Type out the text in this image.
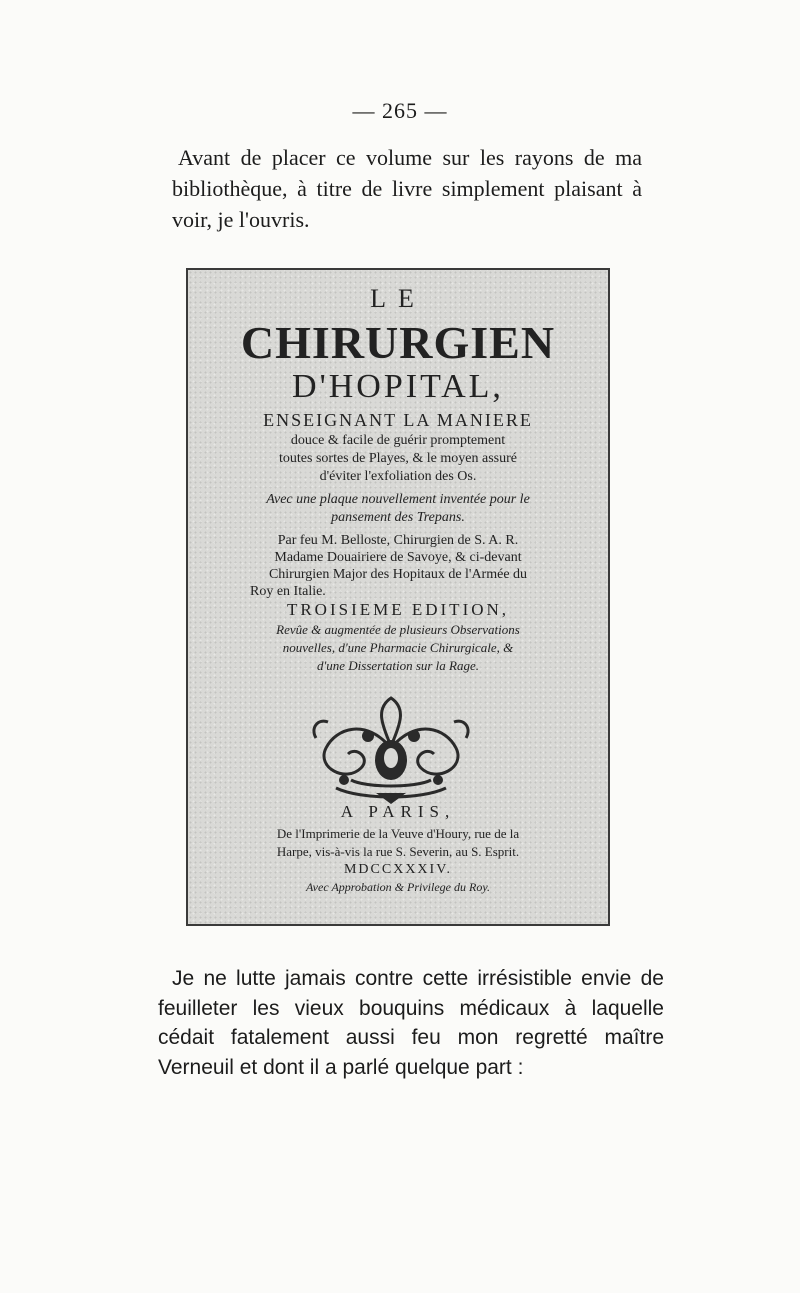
— 265 —
Avant de placer ce volume sur les rayons de ma bibliothèque, à titre de livre simplement plaisant à voir, je l'ouvris.
LE
CHIRURGIEN
D'HOPITAL,
ENSEIGNANT LA MANIERE
douce & facile de guérir promptement
toutes sortes de Playes, & le moyen assuré
d'éviter l'exfoliation des Os.
Avec une plaque nouvellement inventée pour le
pansement des Trepans.
Par feu M. Belloste, Chirurgien de S. A. R.
Madame Douairiere de Savoye, & ci-devant
Chirurgien Major des Hopitaux de l'Armée du
Roy en Italie.
TROISIEME EDITION,
Revûe & augmentée de plusieurs Observations
nouvelles, d'une Pharmacie Chirurgicale, &
d'une Dissertation sur la Rage.
A PARIS,
De l'Imprimerie de la Veuve d'Houry, rue de la
Harpe, vis-à-vis la rue S. Severin, au S. Esprit.
MDCCXXXIV.
Avec Approbation & Privilege du Roy.
Je ne lutte jamais contre cette irrésistible envie de feuilleter les vieux bouquins médicaux à laquelle cédait fatalement aussi feu mon regretté maître Verneuil et dont il a parlé quelque part :
